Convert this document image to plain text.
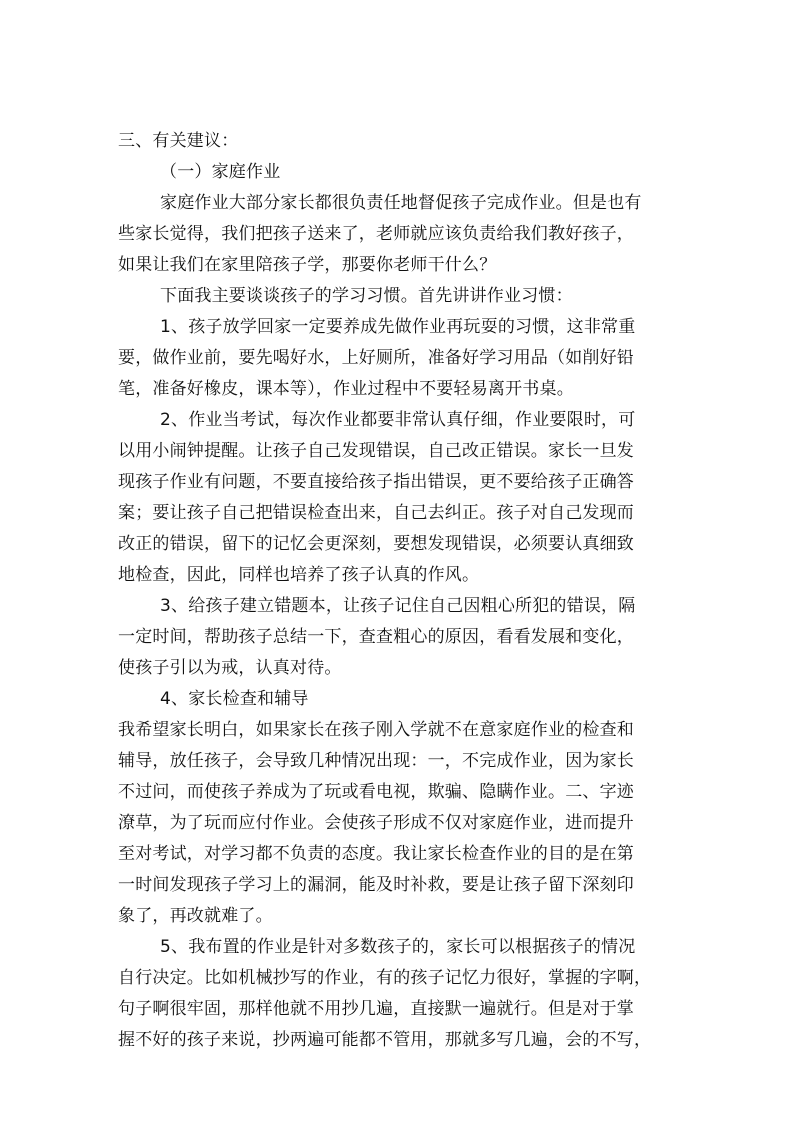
三、有关建议：
（一）家庭作业
家庭作业大部分家长都很负责任地督促孩子完成作业。但是也有
些家长觉得，我们把孩子送来了，老师就应该负责给我们教好孩子，
如果让我们在家里陪孩子学，那要你老师干什么？
下面我主要谈谈孩子的学习习惯。首先讲讲作业习惯：
1、孩子放学回家一定要养成先做作业再玩耍的习惯，这非常重
要，做作业前，要先喝好水，上好厕所，准备好学习用品（如削好铅
笔，准备好橡皮，课本等），作业过程中不要轻易离开书桌。
2、作业当考试，每次作业都要非常认真仔细，作业要限时，可
以用小闹钟提醒。让孩子自己发现错误，自己改正错误。家长一旦发
现孩子作业有问题，不要直接给孩子指出错误，更不要给孩子正确答
案；要让孩子自己把错误检查出来，自己去纠正。孩子对自己发现而
改正的错误，留下的记忆会更深刻，要想发现错误，必须要认真细致
地检查，因此，同样也培养了孩子认真的作风。
3、给孩子建立错题本，让孩子记住自己因粗心所犯的错误，隔
一定时间，帮助孩子总结一下，查查粗心的原因，看看发展和变化，
使孩子引以为戒，认真对待。
4、家长检查和辅导
我希望家长明白，如果家长在孩子刚入学就不在意家庭作业的检查和
辅导，放任孩子，会导致几种情况出现：一，不完成作业，因为家长
不过问，而使孩子养成为了玩或看电视，欺骗、隐瞒作业。二、字迹
潦草，为了玩而应付作业。会使孩子形成不仅对家庭作业，进而提升
至对考试，对学习都不负责的态度。我让家长检查作业的目的是在第
一时间发现孩子学习上的漏洞，能及时补救，要是让孩子留下深刻印
象了，再改就难了。
5、我布置的作业是针对多数孩子的，家长可以根据孩子的情况
自行决定。比如机械抄写的作业，有的孩子记忆力很好，掌握的字啊，
句子啊很牢固，那样他就不用抄几遍，直接默一遍就行。但是对于掌
握不好的孩子来说，抄两遍可能都不管用，那就多写几遍，会的不写，
